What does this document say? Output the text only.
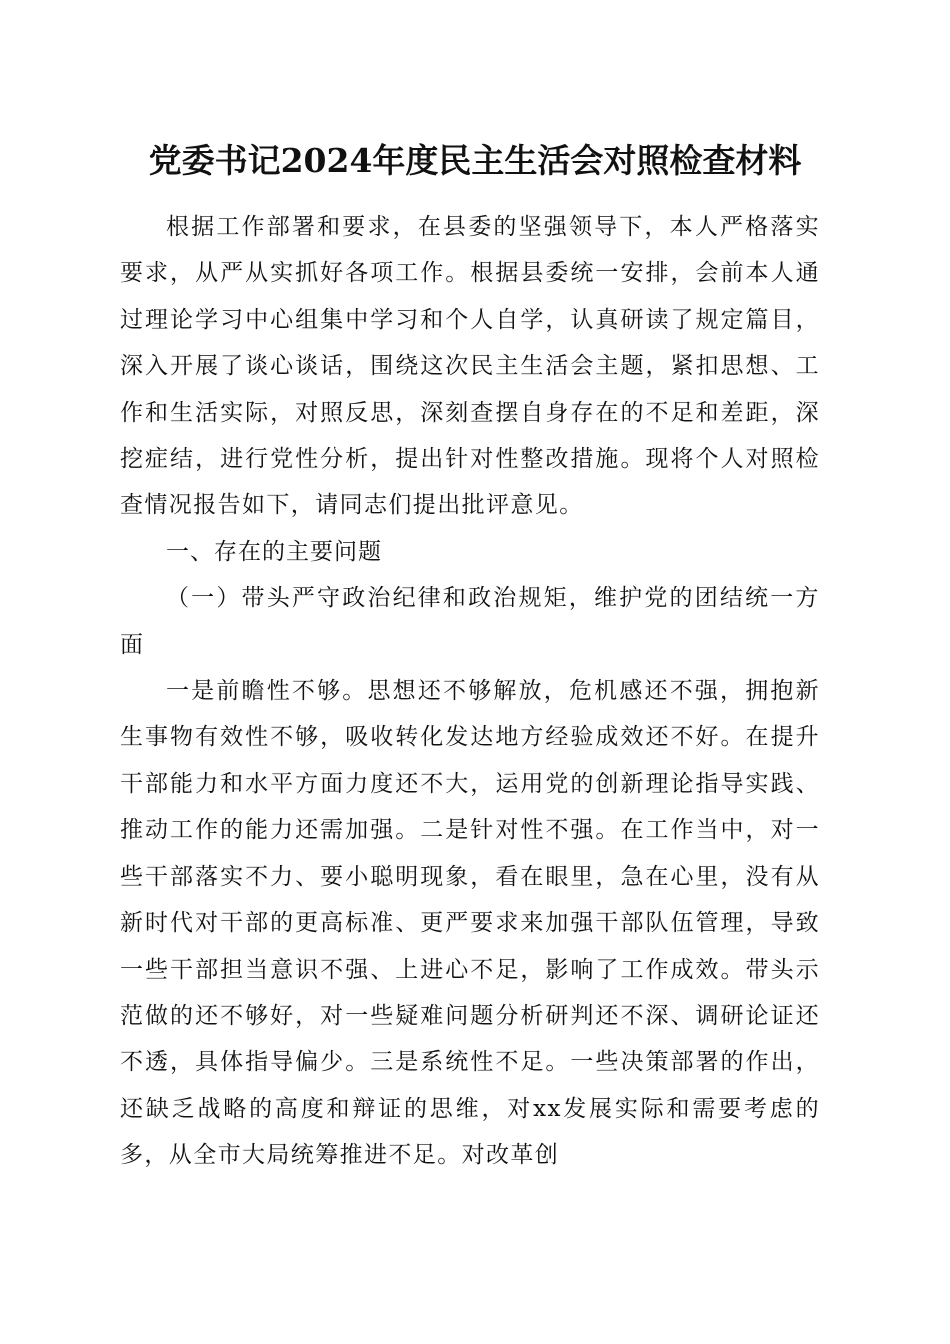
党委书记2024年度民主生活会对照检查材料

根据工作部署和要求，在县委的坚强领导下，本人严格落实要求，从严从实抓好各项工作。根据县委统一安排，会前本人通过理论学习中心组集中学习和个人自学，认真研读了规定篇目，深入开展了谈心谈话，围绕这次民主生活会主题，紧扣思想、工作和生活实际，对照反思，深刻查摆自身存在的不足和差距，深挖症结，进行党性分析，提出针对性整改措施。现将个人对照检查情况报告如下，请同志们提出批评意见。

一、存在的主要问题

（一）带头严守政治纪律和政治规矩，维护党的团结统一方面

一是前瞻性不够。思想还不够解放，危机感还不强，拥抱新生事物有效性不够，吸收转化发达地方经验成效还不好。在提升干部能力和水平方面力度还不大，运用党的创新理论指导实践、推动工作的能力还需加强。二是针对性不强。在工作当中，对一些干部落实不力、要小聪明现象，看在眼里，急在心里，没有从新时代对干部的更高标准、更严要求来加强干部队伍管理，导致一些干部担当意识不强、上进心不足，影响了工作成效。带头示范做的还不够好，对一些疑难问题分析研判还不深、调研论证还不透，具体指导偏少。三是系统性不足。一些决策部署的作出，还缺乏战略的高度和辩证的思维，对xx发展实际和需要考虑的多，从全市大局统筹推进不足。对改革创
